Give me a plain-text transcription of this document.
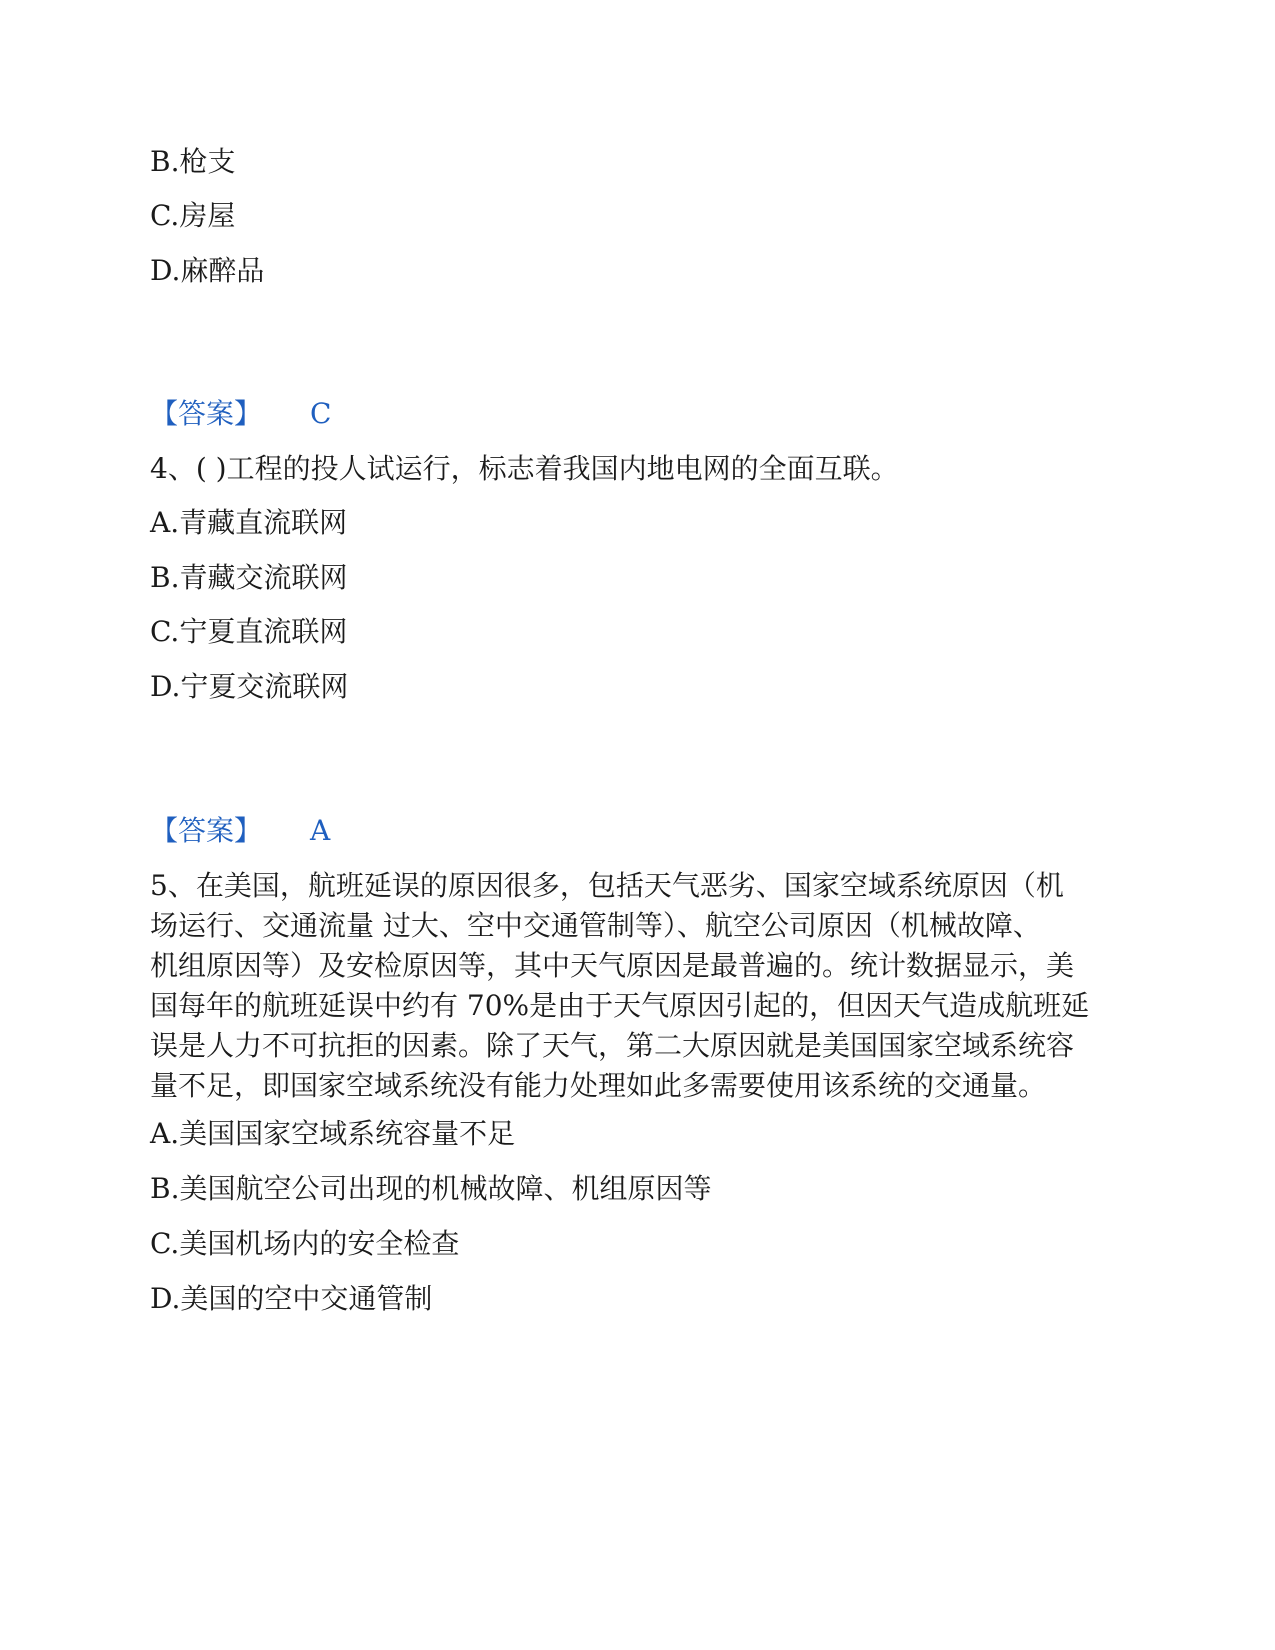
B.枪支
C.房屋
D.麻醉品
【答案】 C
4、( )工程的投人试运行，标志着我国内地电网的全面互联。
A.青藏直流联网
B.青藏交流联网
C.宁夏直流联网
D.宁夏交流联网
【答案】 A
5、在美国，航班延误的原因很多，包括天气恶劣、国家空域系统原因（机
场运行、交通流量 过大、空中交通管制等）、航空公司原因（机械故障、
机组原因等）及安检原因等，其中天气原因是最普遍的。统计数据显示，美
国每年的航班延误中约有 70%是由于天气原因引起的，但因天气造成航班延
误是人力不可抗拒的因素。除了天气，第二大原因就是美国国家空域系统容
量不足，即国家空域系统没有能力处理如此多需要使用该系统的交通量。
A.美国国家空域系统容量不足
B.美国航空公司出现的机械故障、机组原因等
C.美国机场内的安全检查
D.美国的空中交通管制
